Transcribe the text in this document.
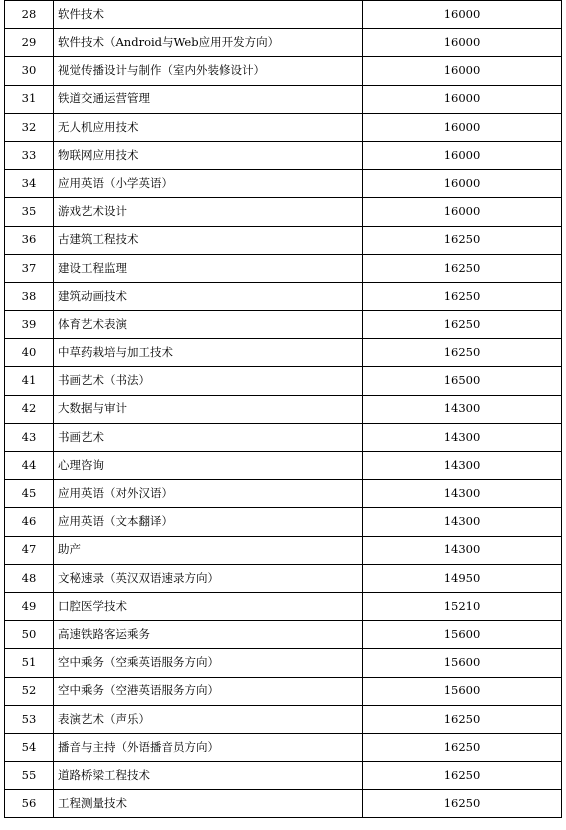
28	软件技术	16000
29	软件技术（Android与Web应用开发方向）	16000
30	视觉传播设计与制作（室内外装修设计）	16000
31	铁道交通运营管理	16000
32	无人机应用技术	16000
33	物联网应用技术	16000
34	应用英语（小学英语）	16000
35	游戏艺术设计	16000
36	古建筑工程技术	16250
37	建设工程监理	16250
38	建筑动画技术	16250
39	体育艺术表演	16250
40	中草药栽培与加工技术	16250
41	书画艺术（书法）	16500
42	大数据与审计	14300
43	书画艺术	14300
44	心理咨询	14300
45	应用英语（对外汉语）	14300
46	应用英语（文本翻译）	14300
47	助产	14300
48	文秘速录（英汉双语速录方向）	14950
49	口腔医学技术	15210
50	高速铁路客运乘务	15600
51	空中乘务（空乘英语服务方向）	15600
52	空中乘务（空港英语服务方向）	15600
53	表演艺术（声乐）	16250
54	播音与主持（外语播音员方向）	16250
55	道路桥梁工程技术	16250
56	工程测量技术	16250
